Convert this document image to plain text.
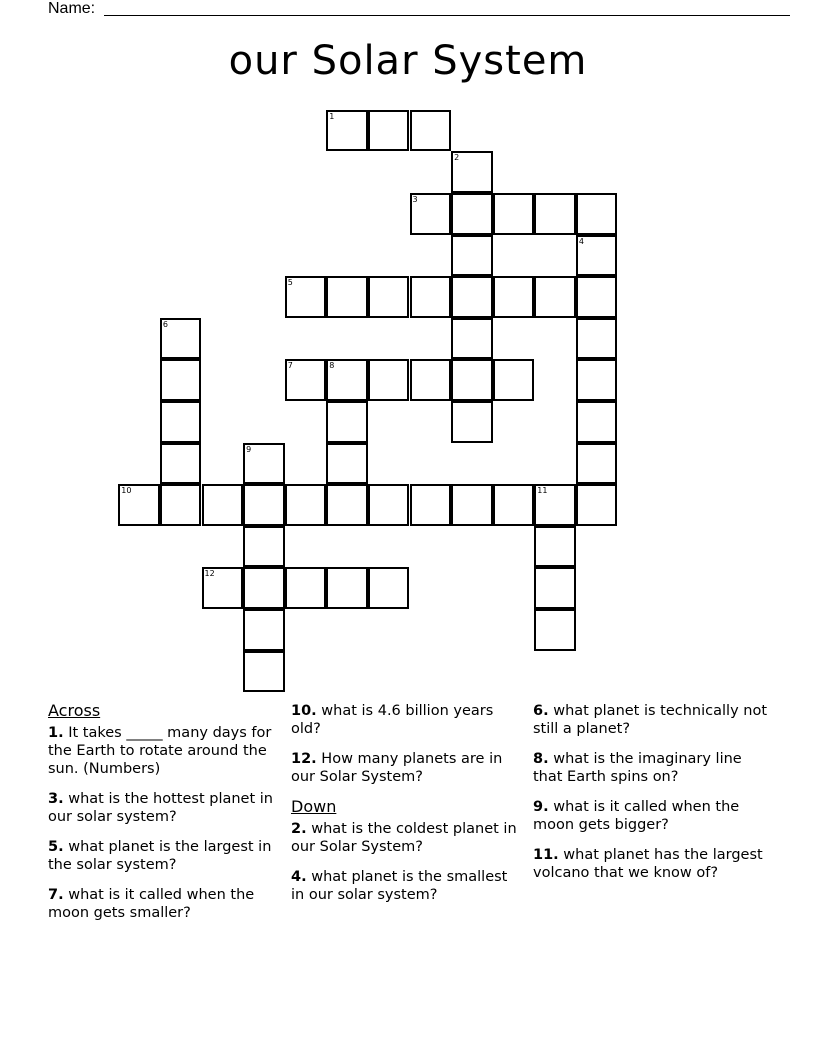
Name:
our Solar System
1
2
3
4
5
6
7	8
9
10	11
12
Across
1. It takes _____ many days for the Earth to rotate around the sun. (Numbers)
3. what is the hottest planet in our solar system?
5. what planet is the largest in the solar system?
7. what is it called when the moon gets smaller?
10. what is 4.6 billion years old?
12. How many planets are in our Solar System?
Down
2. what is the coldest planet in our Solar System?
4. what planet is the smallest in our solar system?
6. what planet is technically not still a planet?
8. what is the imaginary line that Earth spins on?
9. what is it called when the moon gets bigger?
11. what planet has the largest volcano that we know of?
